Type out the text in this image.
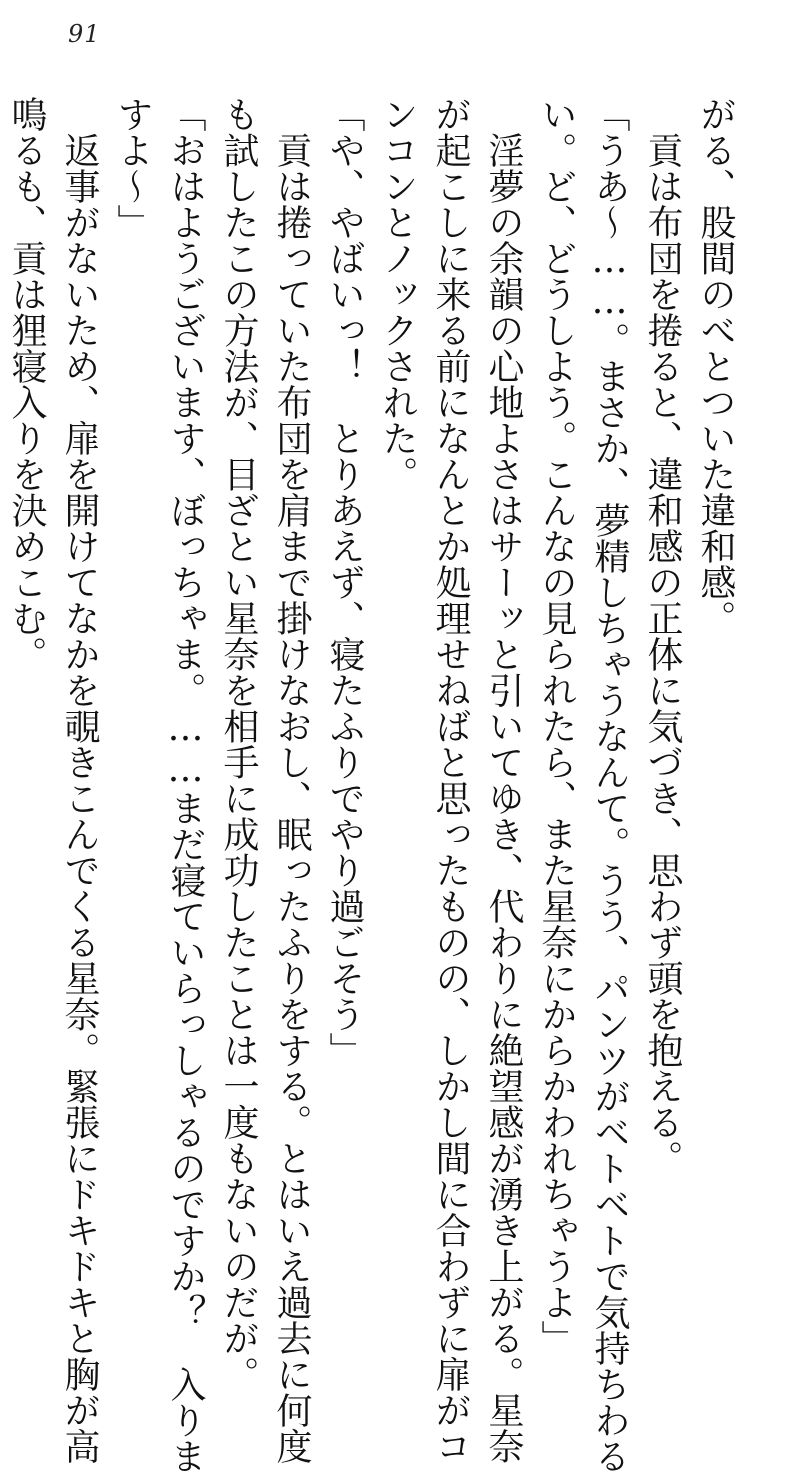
91
がる、股間のべとついた違和感。
　貢は布団を捲ると、違和感の正体に気づき、思わず頭を抱える。
「うあ〜……。まさか、夢精しちゃうなんて。うう、パンツがベトベトで気持ちわる
い。ど、どうしよう。こんなの見られたら、また星奈にからかわれちゃうよ」
　淫夢の余韻の心地よさはサーッと引いてゆき、代わりに絶望感が湧き上がる。星奈
が起こしに来る前になんとか処理せねばと思ったものの、しかし間に合わずに扉がコ
ンコンとノックされた。
「や、やばいっ！　とりあえず、寝たふりでやり過ごそう」
　貢は捲っていた布団を肩まで掛けなおし、眠ったふりをする。とはいえ過去に何度
も試したこの方法が、目ざとい星奈を相手に成功したことは一度もないのだが。
「おはようございます、ぼっちゃま。……まだ寝ていらっしゃるのですか？　入りま
すよ〜」
　返事がないため、扉を開けてなかを覗きこんでくる星奈。緊張にドキドキと胸が高
鳴るも、貢は狸寝入りを決めこむ。
